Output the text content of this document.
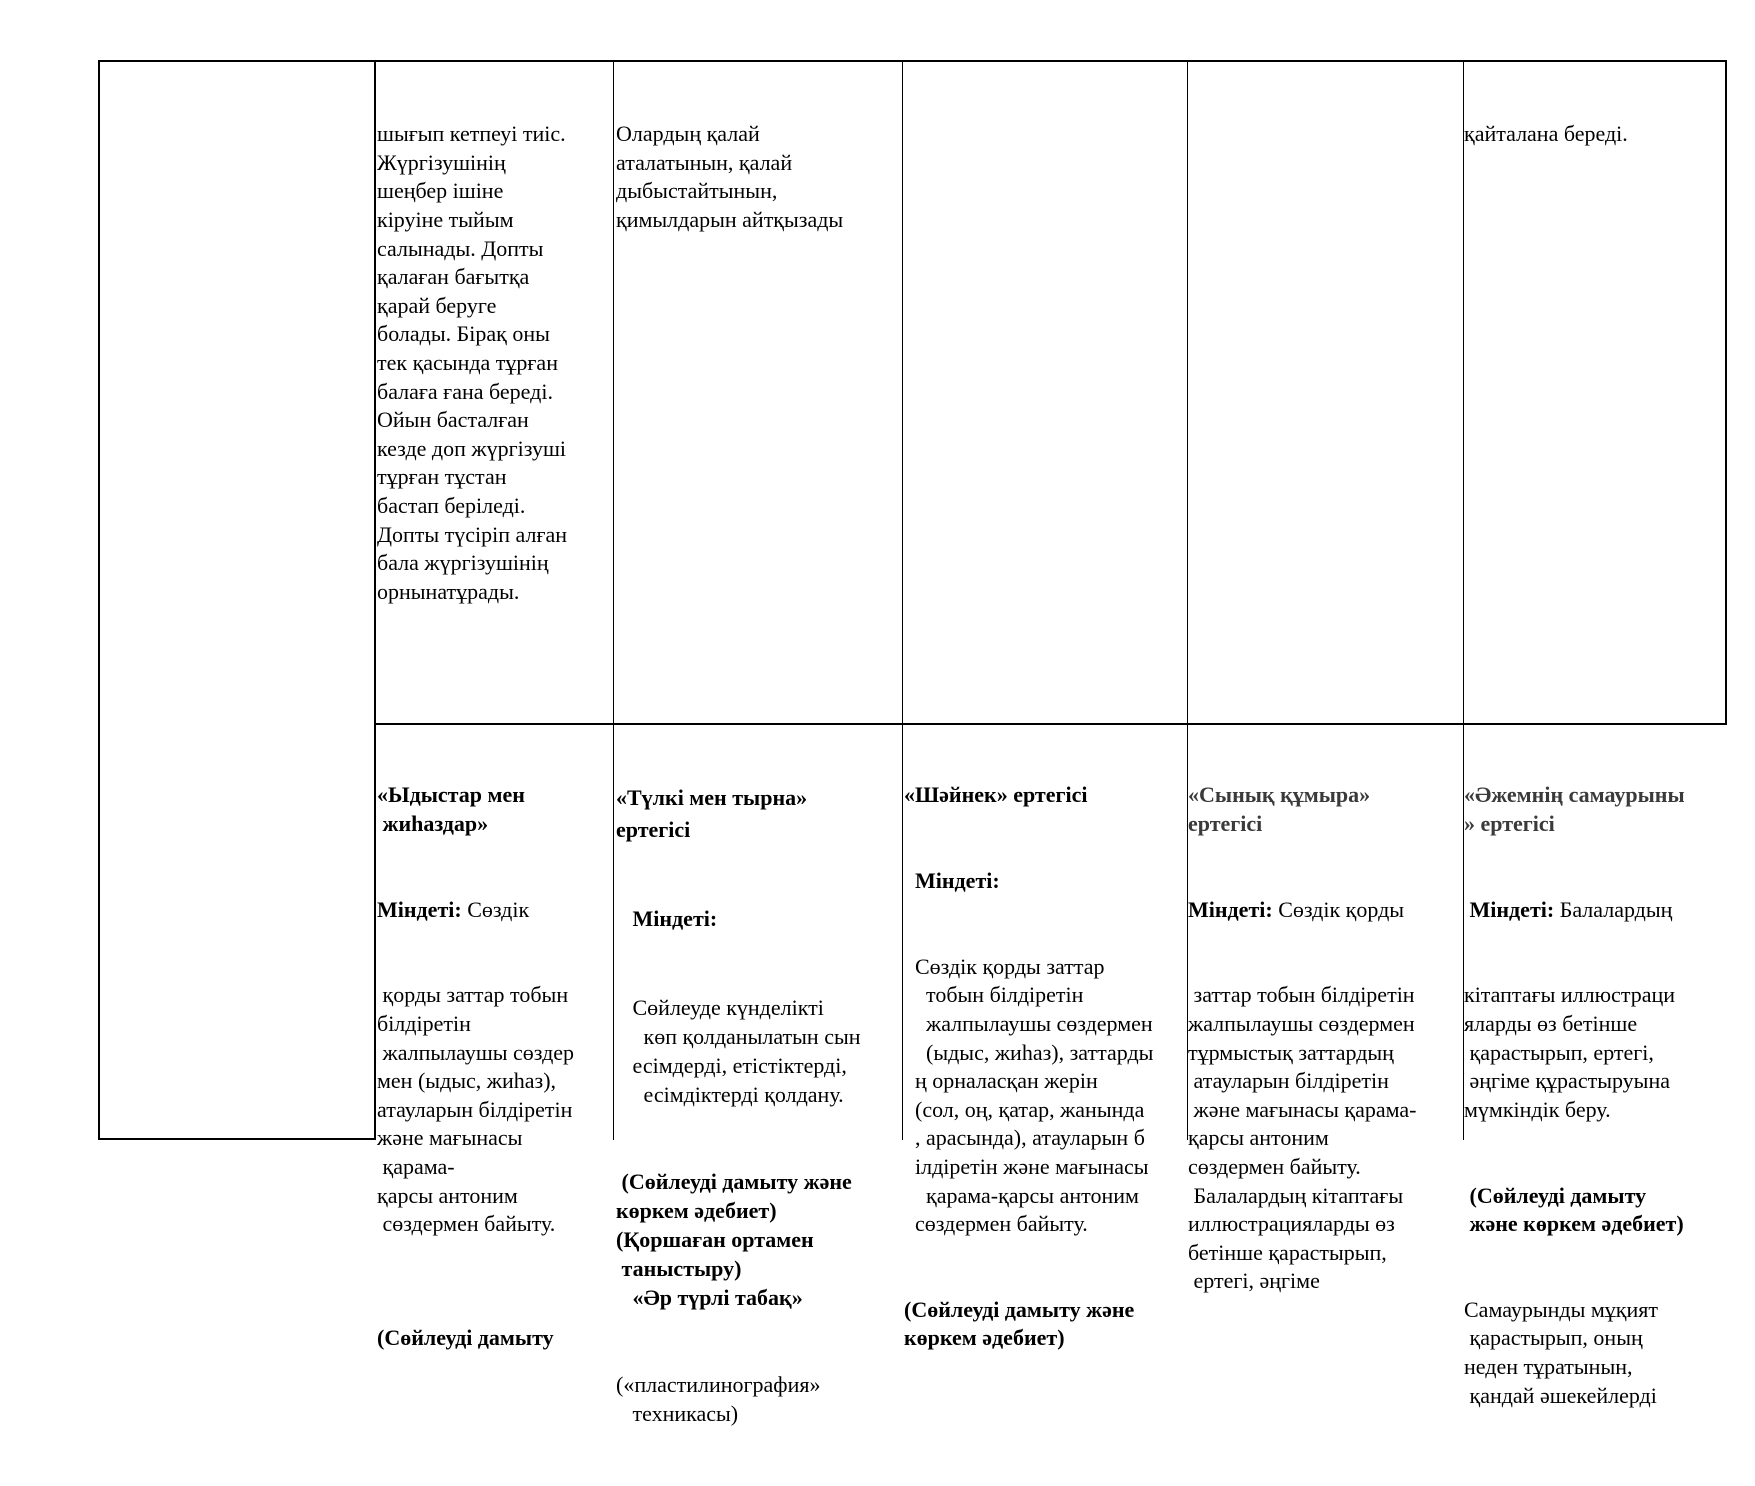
шығып кетпеуі тиіс.

Жүргізушінің

шеңбер ішіне

кіруіне тыйым

салынады. Допты

қалаған бағытқа

қарай беруге

болады. Бірақ оны

тек қасында тұрған

балаға ғана береді.

Ойын басталған

кезде доп жүргізуші

тұрған тұстан

бастап беріледі.

Допты түсіріп алған

бала жүргізушінің

орнынатұрады.

Олардың қалай

аталатынын, қалай

дыбыстайтынын,

қимылдарын айтқызады

қайталана береді.

«Ыдыстар мен

жиһаздар»

Міндеті: Сөздік

қорды заттар тобын

білдіретін

жалпылаушы сөздер

мен (ыдыс, жиһаз),

атауларын білдіретін

және мағынасы

қарама-

қарсы антоним

сөздермен байыту.

(Сөйлеуді дамыту

«Түлкі мен тырна»

ертегісі

Міндеті:

Сөйлеуде күнделікті

көп қолданылатын сын

есімдерді, етістіктерді,

есімдіктерді қолдану.

(Сөйлеуді дамыту және

көркем әдебиет)

(Қоршаған ортамен

таныстыру)

«Әр түрлі табақ»

(«пластилинография»

техникасы)

«Шәйнек» ертегісі

Міндеті:

Сөздік қорды заттар

тобын білдіретін

жалпылаушы сөздермен

(ыдыс, жиһаз), заттарды

ң орналасқан жерін

(сол, оң, қатар, жанында

, арасында), атауларын б

ілдіретін және мағынасы

қарама-қарсы антоним

сөздермен байыту.

(Сөйлеуді дамыту және

көркем әдебиет)

«Сынық құмыра»

ертегісі

Міндеті: Сөздік қорды

заттар тобын білдіретін

жалпылаушы сөздермен

тұрмыстық заттардың

атауларын білдіретін

және мағынасы қарама-

қарсы антоним

сөздермен байыту.

Балалардың кітаптағы

иллюстрацияларды өз

бетінше қарастырып,

ертегі, әңгіме

«Әжемнің самаурыны

» ертегісі

Міндеті: Балалардың

кітаптағы иллюстраци

яларды өз бетінше

қарастырып, ертегі,

әңгіме құрастыруына

мүмкіндік беру.

(Сөйлеуді дамыту

және көркем әдебиет)

Самаурынды мұқият

қарастырып, оның

неден тұратынын,

қандай әшекейлерді
